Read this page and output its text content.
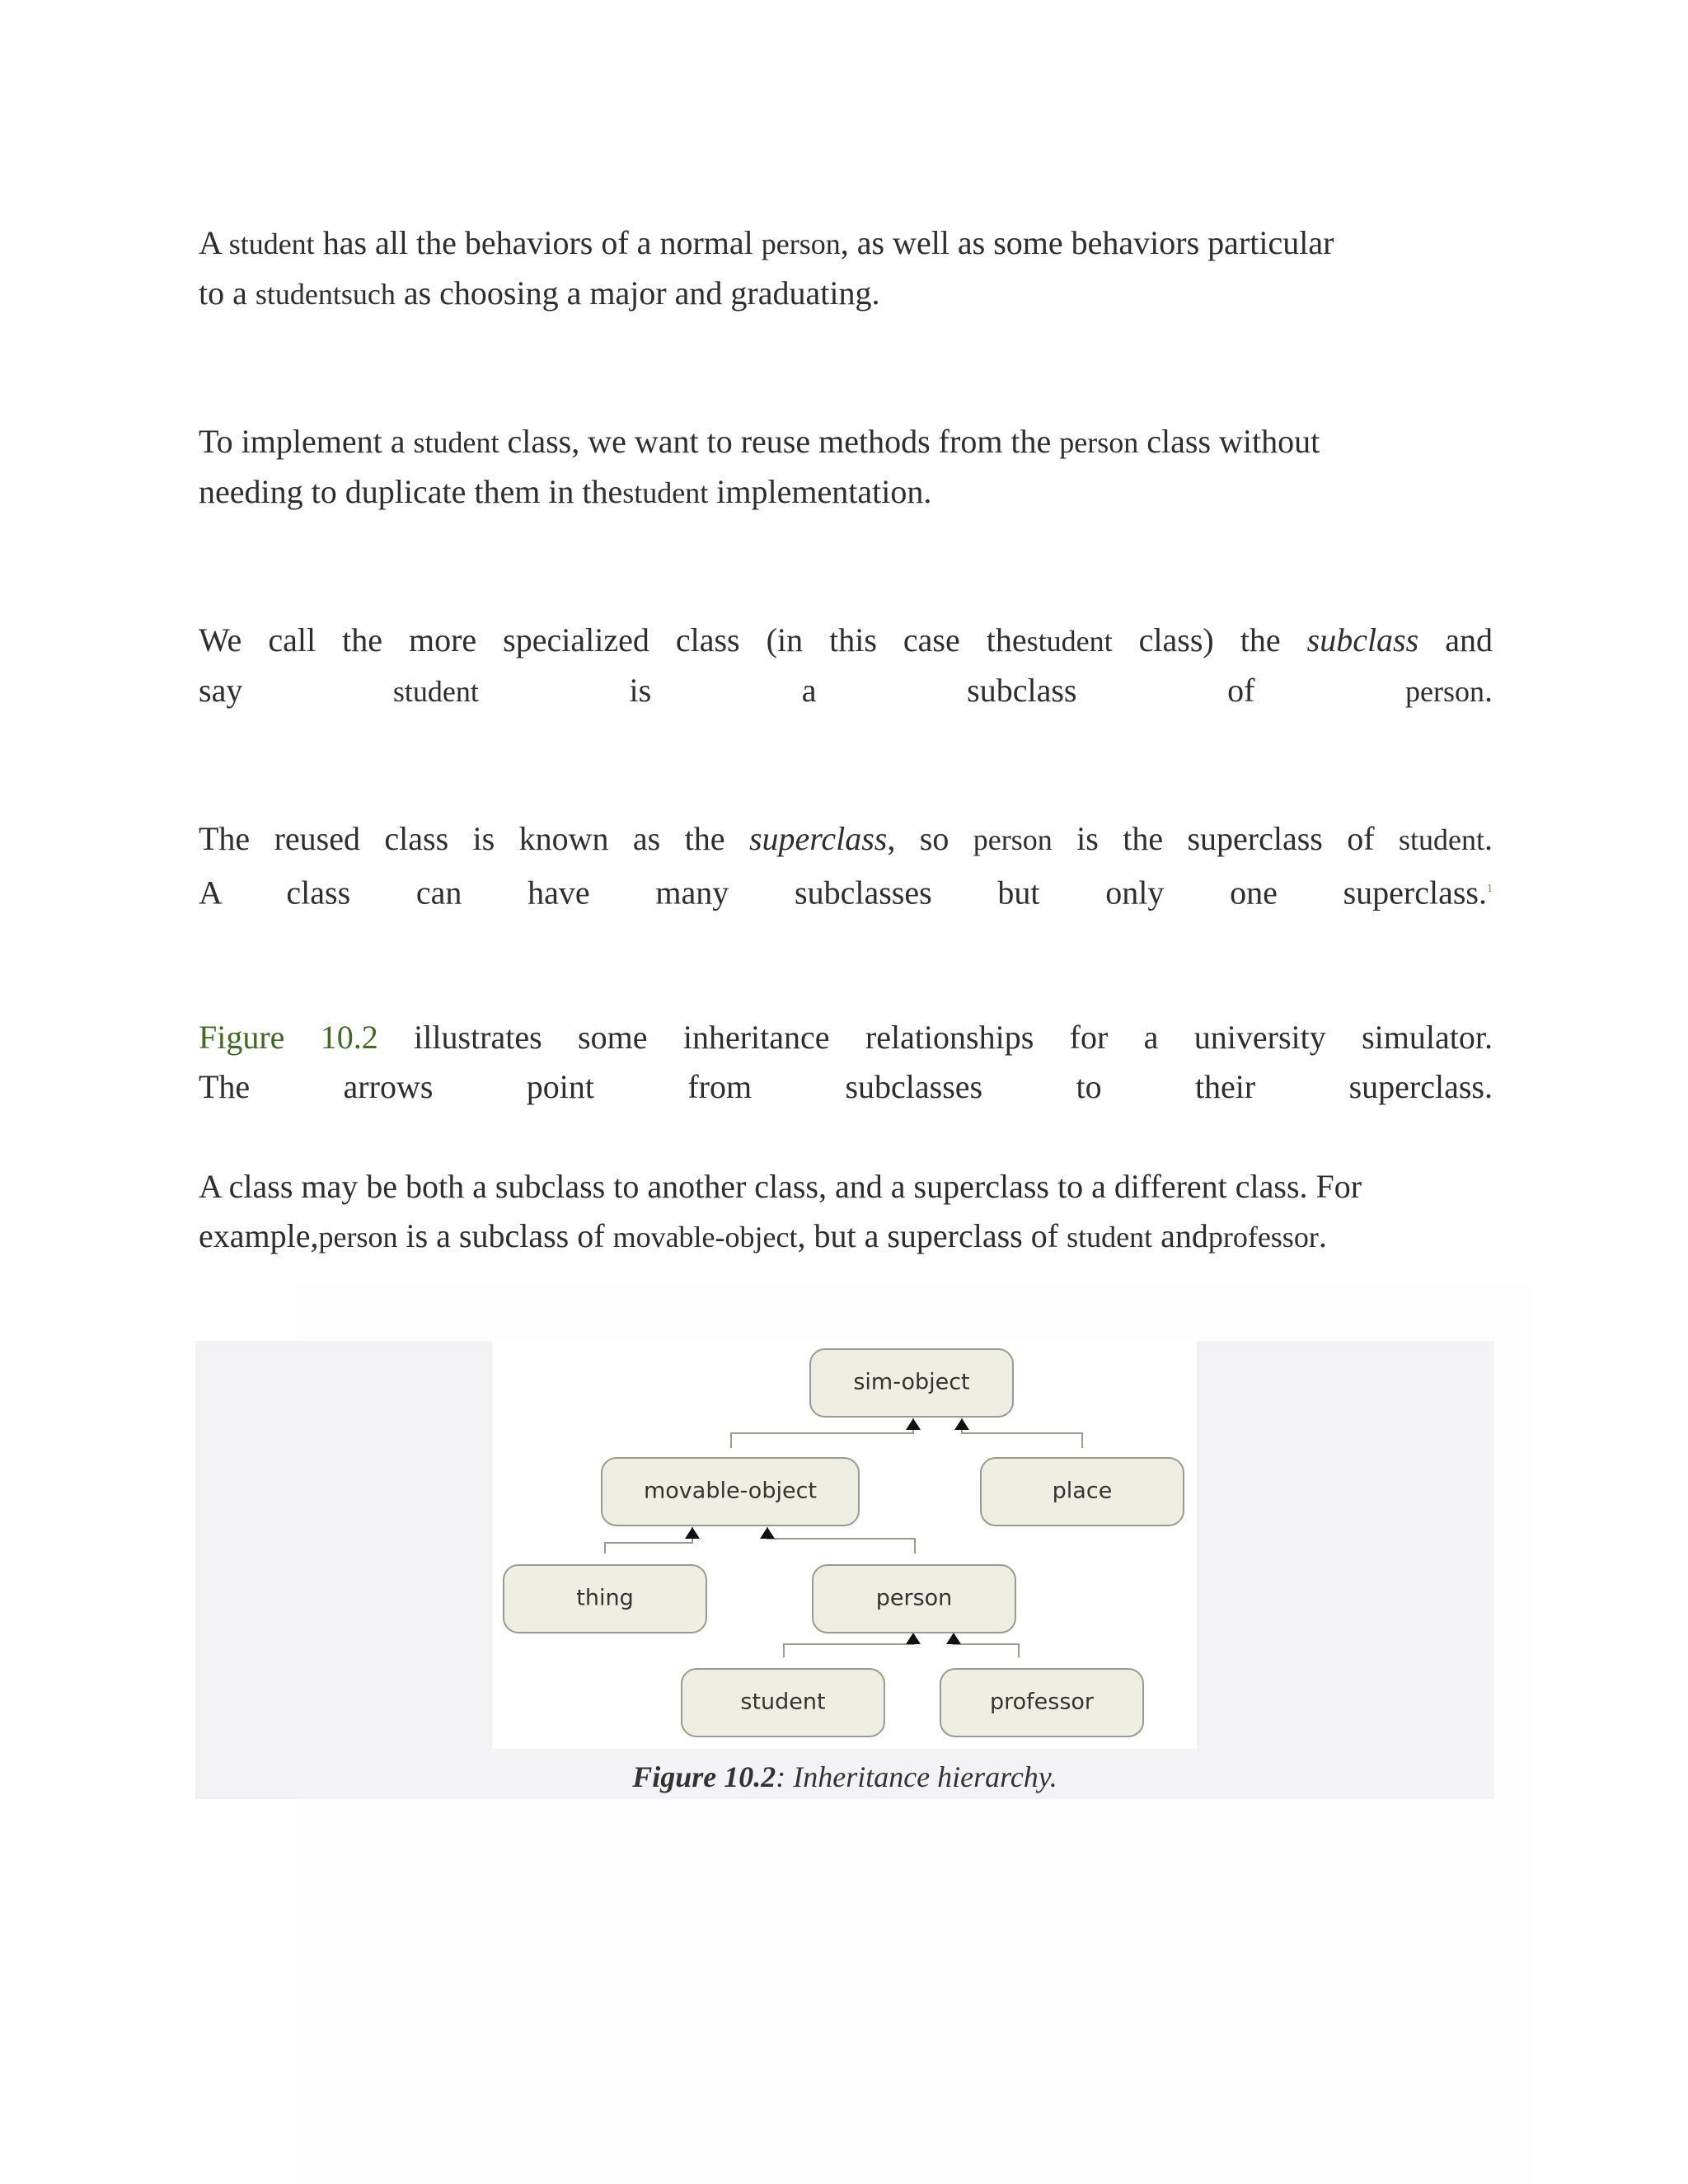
A student has all the behaviors of a normal person, as well as some behaviors particular
to a studentsuch as choosing a major and graduating.

To implement a student class, we want to reuse methods from the person class without
needing to duplicate them in thestudent implementation.

We call the more specialized class (in this case thestudent class) the subclass and
say student is a subclass of person.

The reused class is known as the superclass, so person is the superclass of student.
A class can have many subclasses but only one superclass.$^1$

Figure 10.2 illustrates some inheritance relationships for a university simulator.
The arrows point from subclasses to their superclass.

A class may be both a subclass to another class, and a superclass to a different class. For
example,person is a subclass of movable-object, but a superclass of student andprofessor.

sim-object
movable-object	place
thing	person
student	professor
Figure 10.2: Inheritance hierarchy.
